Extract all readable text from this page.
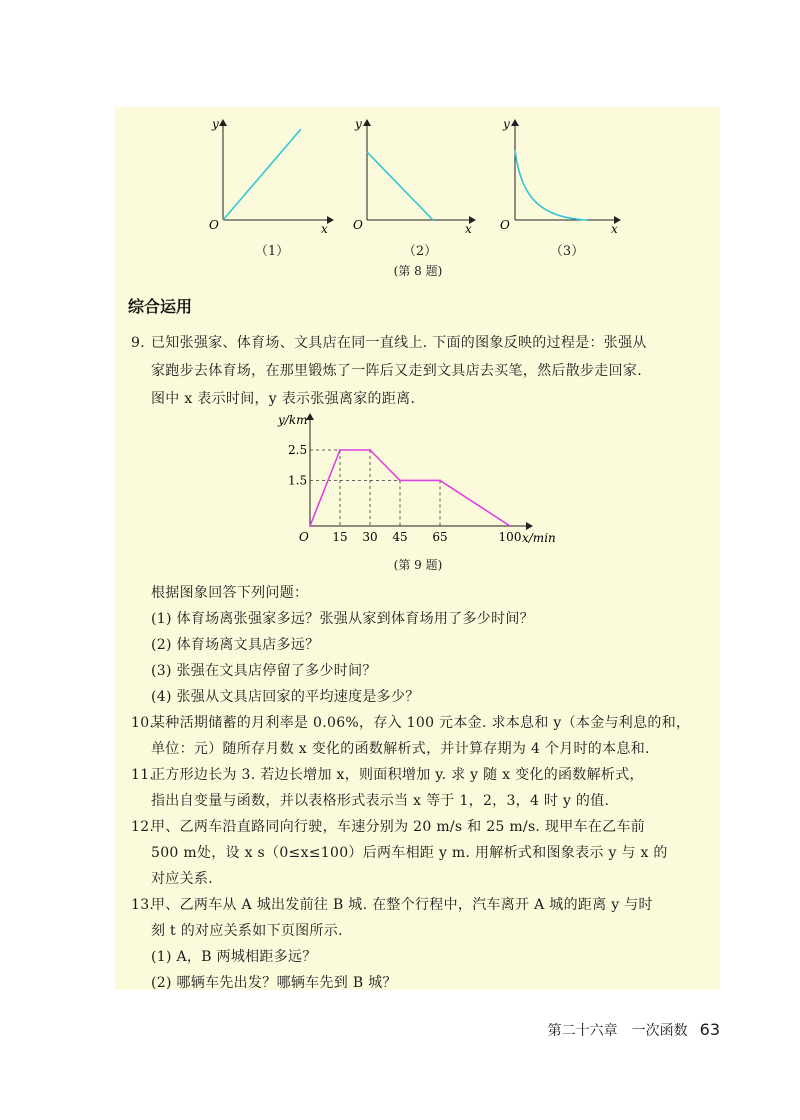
y
O	x
y
O	x
y
O	x
（1）	（2）	（3）
(第 8 题)
综合运用
9. 已知张强家、体育场、文具店在同一直线上. 下面的图象反映的过程是：张强从
家跑步去体育场，在那里锻炼了一阵后又走到文具店去买笔，然后散步走回家.
图中 x 表示时间，y 表示张强离家的距离.
y/km
O	x/min
2.5
1.5
15 30 45 65	100
(第 9 题)
根据图象回答下列问题：
(1) 体育场离张强家多远？张强从家到体育场用了多少时间？
(2) 体育场离文具店多远？
(3) 张强在文具店停留了多少时间？
(4) 张强从文具店回家的平均速度是多少？
10.某种活期储蓄的月利率是 0.06%，存入 100 元本金. 求本息和 y（本金与利息的和，
单位：元）随所存月数 x 变化的函数解析式，并计算存期为 4 个月时的本息和.
11.正方形边长为 3. 若边长增加 x，则面积增加 y. 求 y 随 x 变化的函数解析式，
指出自变量与函数，并以表格形式表示当 x 等于 1，2，3，4 时 y 的值.
12.甲、乙两车沿直路同向行驶，车速分别为 20 m/s 和 25 m/s. 现甲车在乙车前
500 m处，设 x s（0≤x≤100）后两车相距 y m. 用解析式和图象表示 y 与 x 的
对应关系.
13.甲、乙两车从 A 城出发前往 B 城. 在整个行程中，汽车离开 A 城的距离 y 与时
刻 t 的对应关系如下页图所示.
(1) A，B 两城相距多远？
(2) 哪辆车先出发？哪辆车先到 B 城？
第二十六章　一次函数 63
